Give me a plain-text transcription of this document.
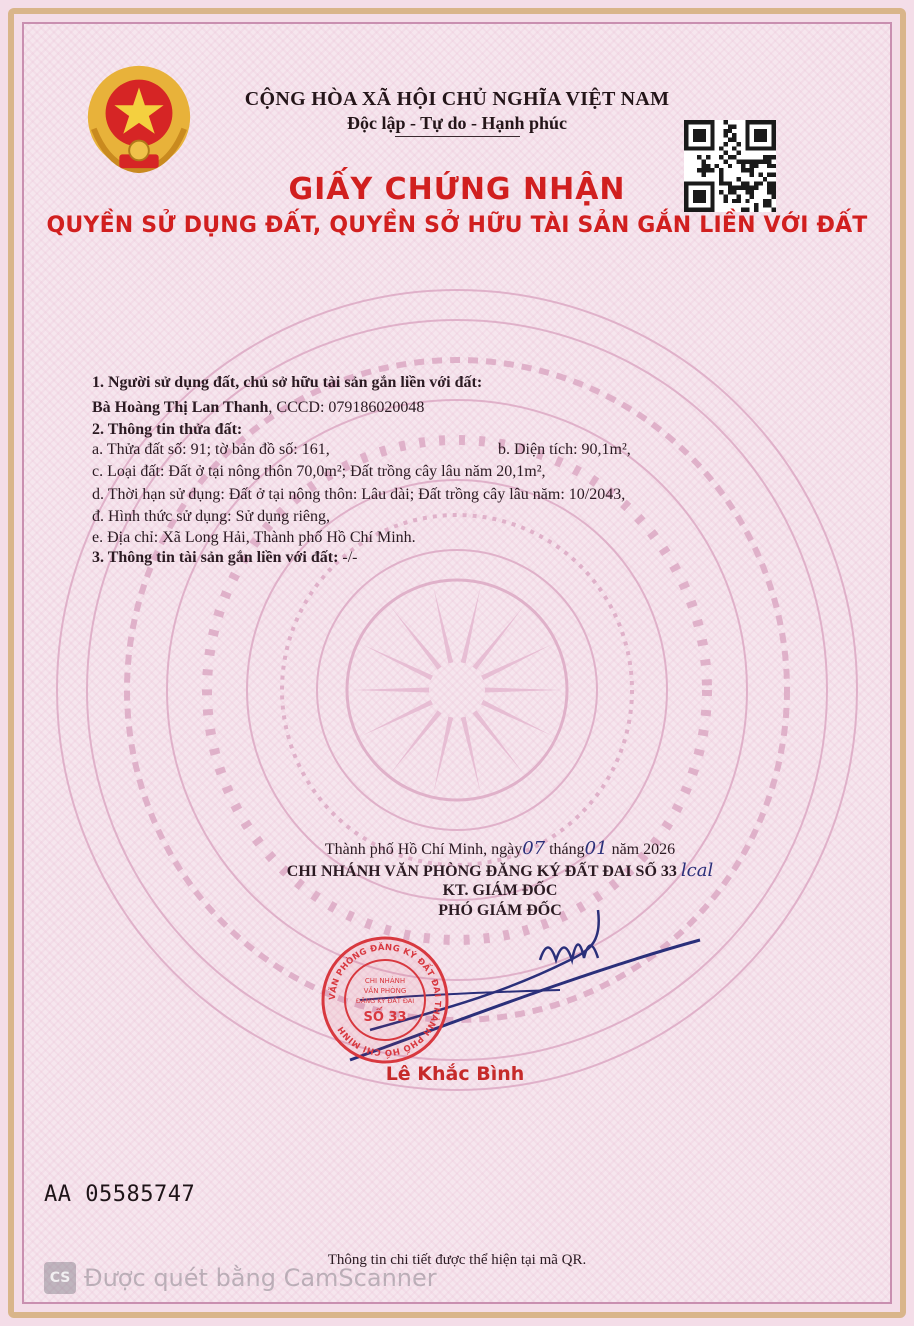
CỘNG HÒA XÃ HỘI CHỦ NGHĨA VIỆT NAM
Độc lập - Tự do - Hạnh phúc
GIẤY CHỨNG NHẬN
QUYỀN SỬ DỤNG ĐẤT, QUYỀN SỞ HỮU TÀI SẢN GẮN LIỀN VỚI ĐẤT
1. Người sử dụng đất, chủ sở hữu tài sản gắn liền với đất:
Bà Hoàng Thị Lan Thanh, CCCD: 079186020048
2. Thông tin thửa đất:
a. Thửa đất số: 91; tờ bản đồ số: 161,	b. Diện tích: 90,1m²,
c. Loại đất: Đất ở tại nông thôn 70,0m²; Đất trồng cây lâu năm 20,1m²,
d. Thời hạn sử dụng: Đất ở tại nông thôn: Lâu dài; Đất trồng cây lâu năm: 10/2043,
đ. Hình thức sử dụng: Sử dụng riêng,
e. Địa chỉ: Xã Long Hải, Thành phố Hồ Chí Minh.
3. Thông tin tài sản gắn liền với đất: -/-
Thành phố Hồ Chí Minh, ngày07 tháng01 năm 2026
CHI NHÁNH VĂN PHÒNG ĐĂNG KÝ ĐẤT ĐAI SỐ 33 lcal
KT. GIÁM ĐỐC
PHÓ GIÁM ĐỐC
VĂN PHÒNG ĐĂNG KÝ ĐẤT ĐAI THÀNH PHỐ HỒ CHÍ MINH
CHI NHÁNH
VĂN PHÒNG
ĐĂNG KÝ ĐẤT ĐAI
SỐ 33
Lê Khắc Bình
AA 05585747
Thông tin chi tiết được thể hiện tại mã QR.
CS Được quét bằng CamScanner
